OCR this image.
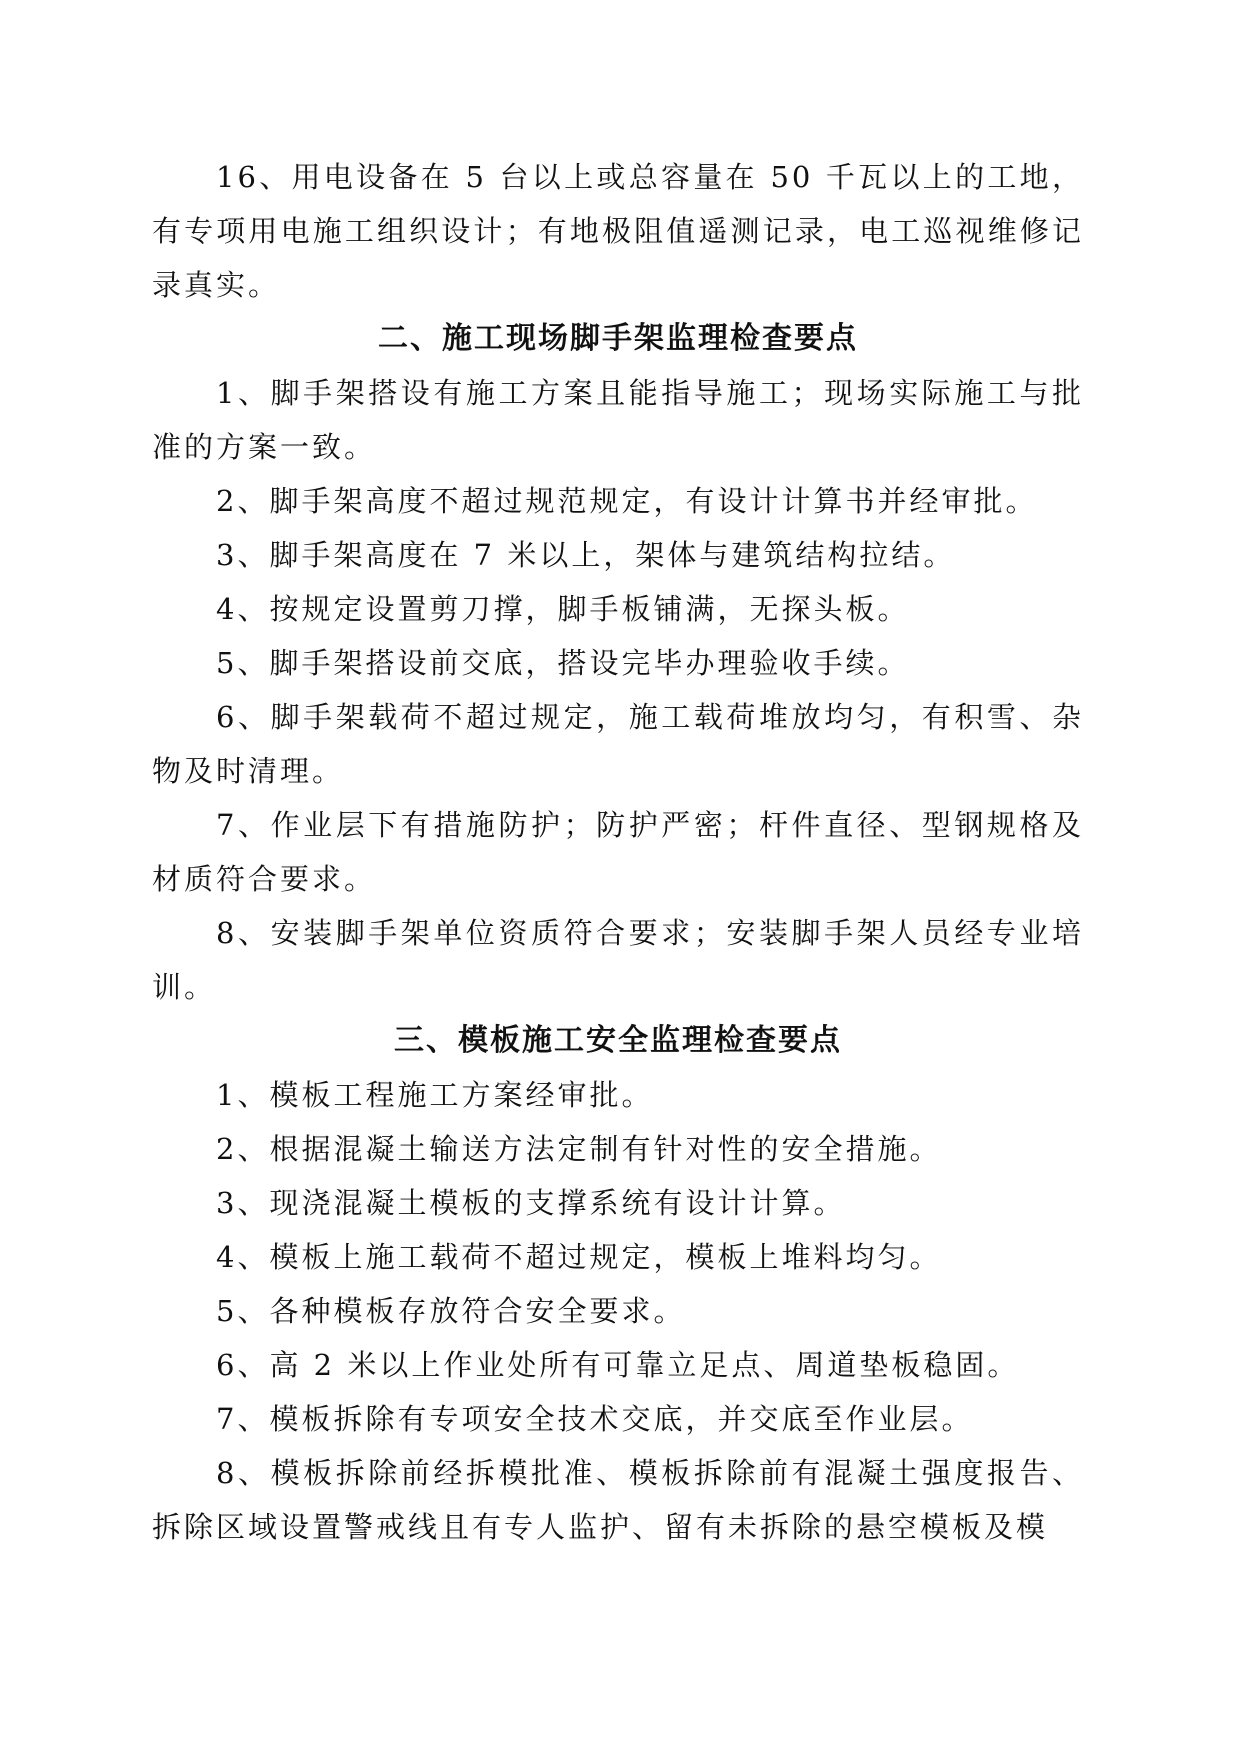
16、用电设备在 5 台以上或总容量在 50 千瓦以上的工地，有专项用电施工组织设计；有地极阻值遥测记录，电工巡视维修记录真实。

二、施工现场脚手架监理检查要点

1、脚手架搭设有施工方案且能指导施工；现场实际施工与批准的方案一致。

2、脚手架高度不超过规范规定，有设计计算书并经审批。

3、脚手架高度在 7 米以上，架体与建筑结构拉结。

4、按规定设置剪刀撑，脚手板铺满，无探头板。

5、脚手架搭设前交底，搭设完毕办理验收手续。

6、脚手架载荷不超过规定，施工载荷堆放均匀，有积雪、杂物及时清理。

7、作业层下有措施防护；防护严密；杆件直径、型钢规格及材质符合要求。

8、安装脚手架单位资质符合要求；安装脚手架人员经专业培训。

三、模板施工安全监理检查要点

1、模板工程施工方案经审批。

2、根据混凝土输送方法定制有针对性的安全措施。

3、现浇混凝土模板的支撑系统有设计计算。

4、模板上施工载荷不超过规定，模板上堆料均匀。

5、各种模板存放符合安全要求。

6、高 2 米以上作业处所有可靠立足点、周道垫板稳固。

7、模板拆除有专项安全技术交底，并交底至作业层。

8、模板拆除前经拆模批准、模板拆除前有混凝土强度报告、拆除区域设置警戒线且有专人监护、留有未拆除的悬空模板及模
